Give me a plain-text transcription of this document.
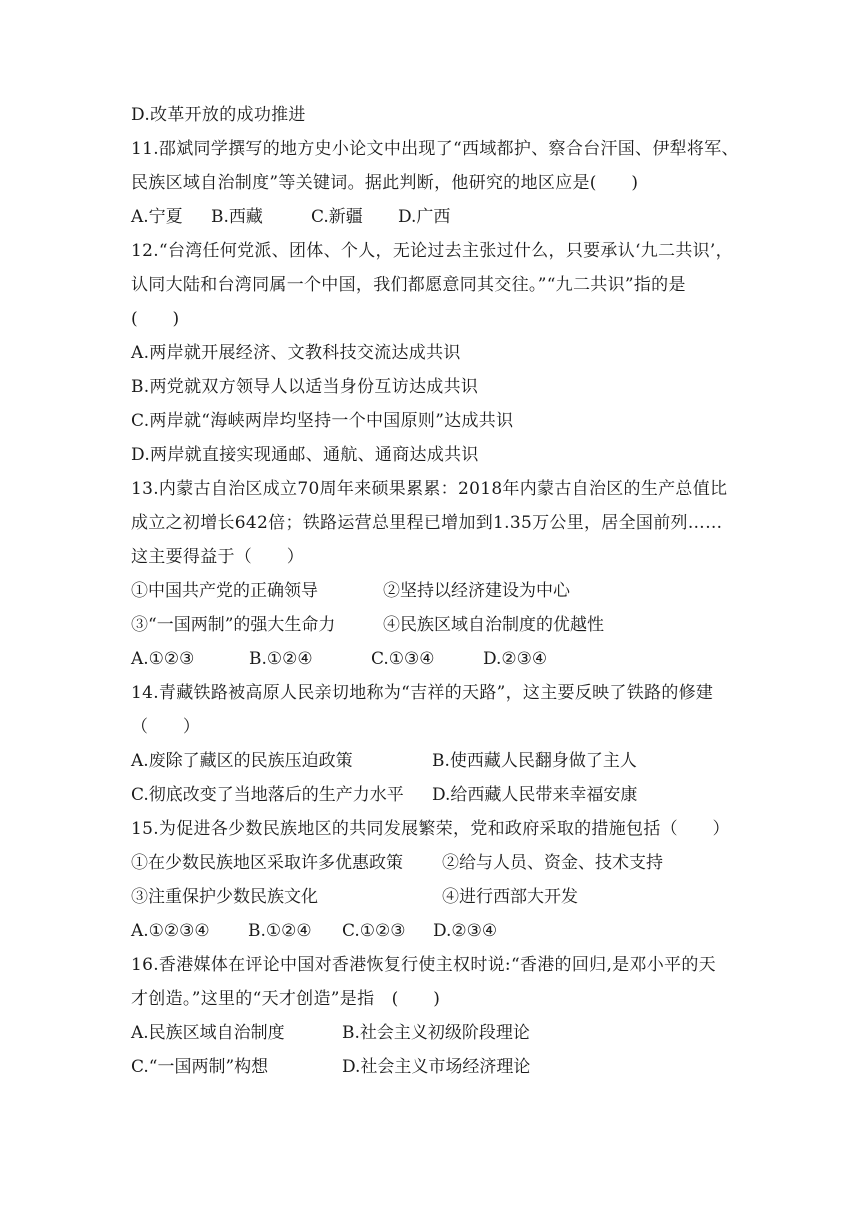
D.改革开放的成功推进
11.邵斌同学撰写的地方史小论文中出现了“西域都护、察合台汗国、伊犁将军、
民族区域自治制度”等关键词。据此判断，他研究的地区应是(　　)
A.宁夏 B.西藏	C.新疆 D.广西
12.“台湾任何党派、团体、个人，无论过去主张过什么，只要承认‘九二共识’，
认同大陆和台湾同属一个中国，我们都愿意同其交往。”“九二共识”指的是
(　　)
A.两岸就开展经济、文教科技交流达成共识
B.两党就双方领导人以适当身份互访达成共识
C.两岸就“海峡两岸均坚持一个中国原则”达成共识
D.两岸就直接实现通邮、通航、通商达成共识
13.内蒙古自治区成立70周年来硕果累累：2018年内蒙古自治区的生产总值比
成立之初增长642倍；铁路运营总里程已增加到1.35万公里，居全国前列……
这主要得益于（　　）
①中国共产党的正确领导	②坚持以经济建设为中心
③“一国两制”的强大生命力	④民族区域自治制度的优越性
A.①②③	B.①②④	C.①③④	D.②③④
14.青藏铁路被高原人民亲切地称为“吉祥的天路”，这主要反映了铁路的修建
（　　）
A.废除了藏区的民族压迫政策	B.使西藏人民翻身做了主人
C.彻底改变了当地落后的生产力水平 D.给西藏人民带来幸福安康
15.为促进各少数民族地区的共同发展繁荣，党和政府采取的措施包括（　　）
①在少数民族地区采取许多优惠政策 ②给与人员、资金、技术支持
③注重保护少数民族文化	④进行西部大开发
A.①②③④ B.①②④ C.①②③ D.②③④
16.香港媒体在评论中国对香港恢复行使主权时说:“香港的回归,是邓小平的天
才创造。”这里的“天才创造”是指　(　　)
A.民族区域自治制度	B.社会主义初级阶段理论
C.“一国两制”构想	D.社会主义市场经济理论
